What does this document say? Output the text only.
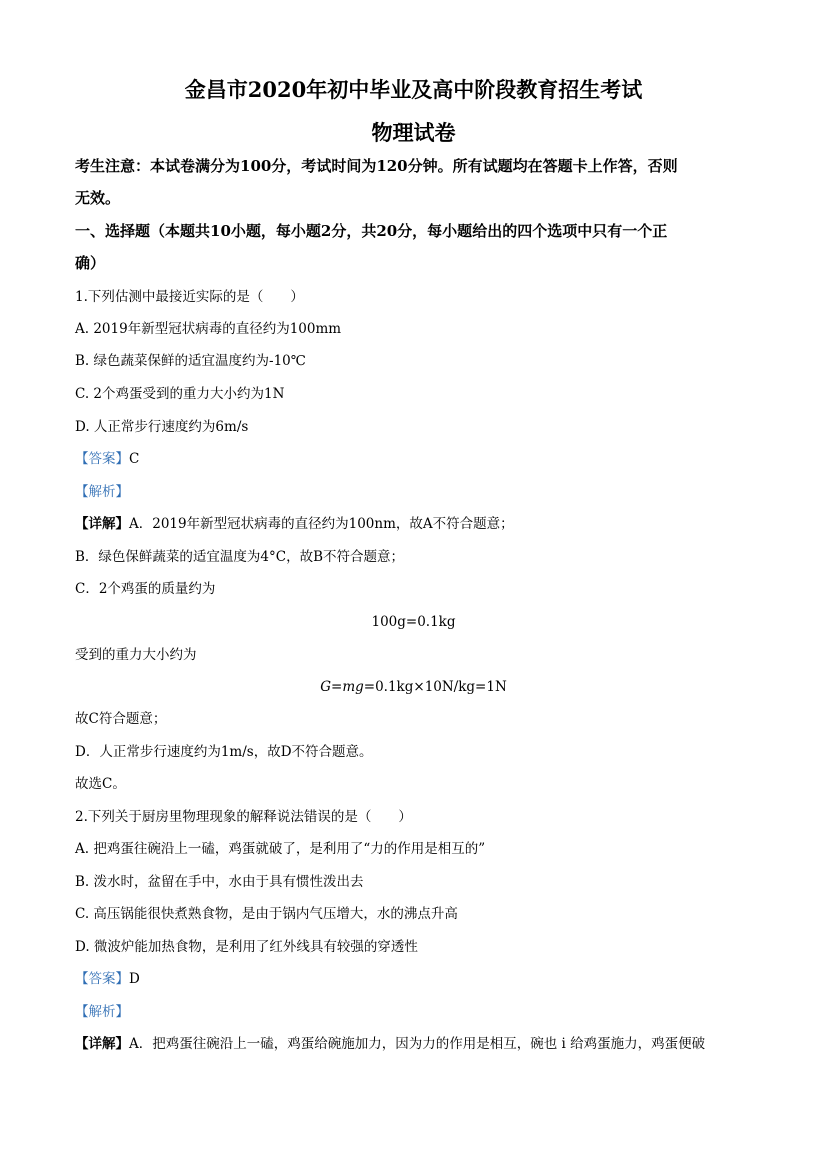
金昌市2020年初中毕业及高中阶段教育招生考试
物理试卷
考生注意：本试卷满分为100分，考试时间为120分钟。所有试题均在答题卡上作答，否则
无效。
一、选择题（本题共10小题，每小题2分，共20分，每小题给出的四个选项中只有一个正
确）
1.下列估测中最接近实际的是（　　）
A. 2019年新型冠状病毒的直径约为100mm
B. 绿色蔬菜保鲜的适宜温度约为-10℃
C. 2个鸡蛋受到的重力大小约为1N
D. 人正常步行速度约为6m/s
【答案】C
【解析】
【详解】A．2019年新型冠状病毒的直径约为100nm，故A不符合题意；
B．绿色保鲜蔬菜的适宜温度为4°C，故B不符合题意；
C．2个鸡蛋的质量约为
100g=0.1kg
受到的重力大小约为
G=mg=0.1kg×10N/kg=1N
故C符合题意；
D．人正常步行速度约为1m/s，故D不符合题意。
故选C。
2.下列关于厨房里物理现象的解释说法错误的是（　　）
A. 把鸡蛋往碗沿上一磕，鸡蛋就破了，是利用了“力的作用是相互的”
B. 泼水时，盆留在手中，水由于具有惯性泼出去
C. 高压锅能很快煮熟食物，是由于锅内气压增大，水的沸点升高
D. 微波炉能加热食物，是利用了红外线具有较强的穿透性
【答案】D
【解析】
【详解】A．把鸡蛋往碗沿上一磕，鸡蛋给碗施加力，因为力的作用是相互，碗也 i 给鸡蛋施力，鸡蛋便破
